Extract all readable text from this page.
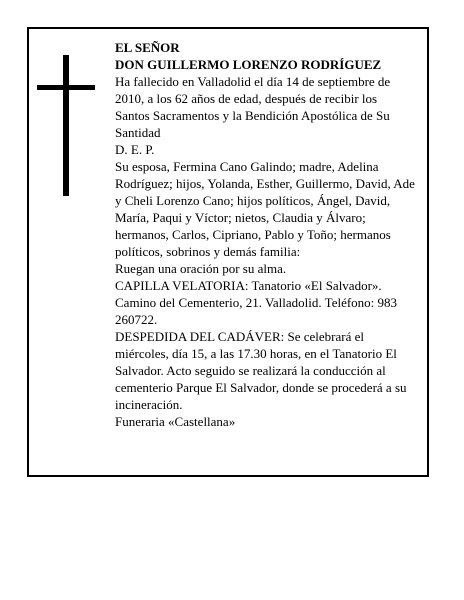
EL SEÑOR

DON GUILLERMO LORENZO RODRÍGUEZ

Ha fallecido en Valladolid el día 14 de septiembre de 2010, a los 62 años de edad, después de recibir los Santos Sacramentos y la Bendición Apostólica de Su Santidad

D. E. P.

Su esposa, Fermina Cano Galindo; madre, Adelina Rodríguez; hijos, Yolanda, Esther, Guillermo, David, Ade y Cheli Lorenzo Cano; hijos políticos, Ángel, David, María, Paqui y Víctor; nietos, Claudia y Álvaro; hermanos, Carlos, Cipriano, Pablo y Toño; hermanos políticos, sobrinos y demás familia:

Ruegan una oración por su alma.

CAPILLA VELATORIA: Tanatorio «El Salvador». Camino del Cementerio, 21. Valladolid. Teléfono: 983 260722.

DESPEDIDA DEL CADÁVER: Se celebrará el miércoles, día 15, a las 17.30 horas, en el Tanatorio El Salvador. Acto seguido se realizará la conducción al cementerio Parque El Salvador, donde se procederá a su incineración.

Funeraria «Castellana»
